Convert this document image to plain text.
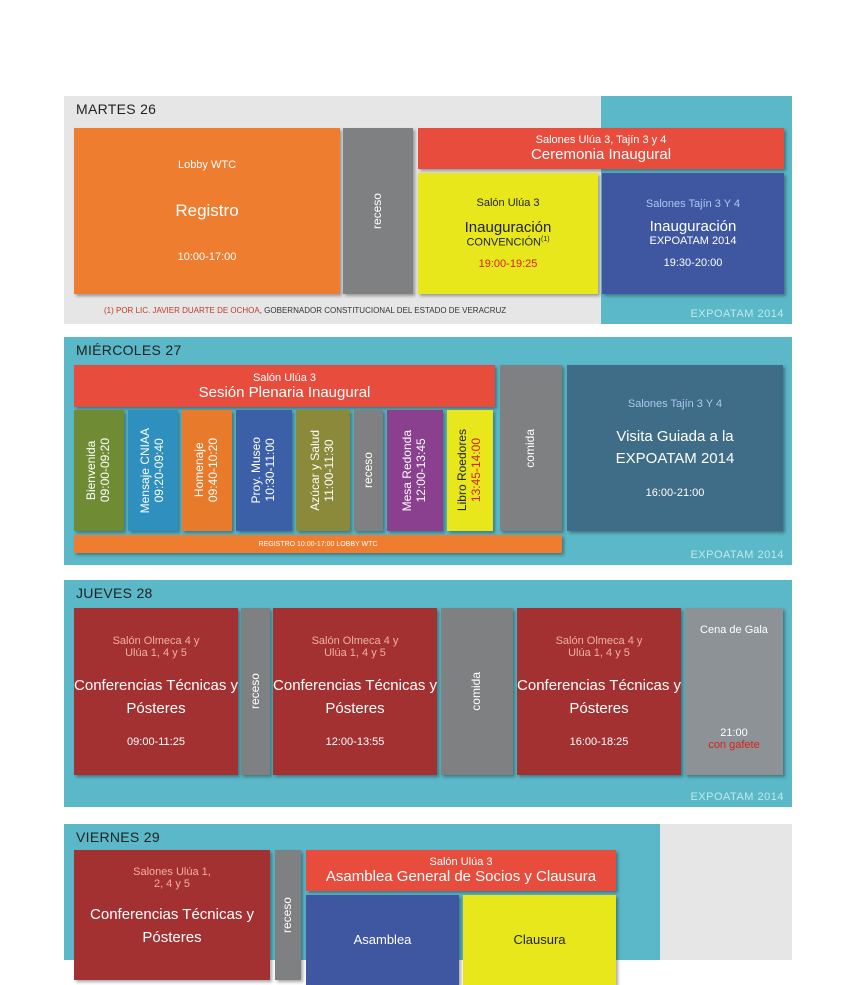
MARTES 26
Lobby WTC
Registro
10:00-17:00
receso
Salones Ulúa 3, Tajín 3 y 4
Ceremonia Inaugural
Salón Ulúa 3
Inauguración
CONVENCIÓN$^{(1)}$
19:00-19:25
Salones Tajín 3 Y 4
Inauguración
EXPOATAM 2014
19:30-20:00
(1) POR LIC. JAVIER DUARTE DE OCHOA, GOBERNADOR CONSTITUCIONAL DEL ESTADO DE VERACRUZ	EXPOATAM 2014
MIÉRCOLES 27
Salón Ulúa 3
Sesión Plenaria Inaugural
Bienvenida 09:00-09:20 Mensaje CNIAA 09:20-09:40 Homenaje 09:40-10:20 Proy. Museo 10:30-11:00	Azúcar y Salud 11:00-11:30 receso Mesa Redonda 12:00-13:45 Libro Roedores 13:45-14:00	comida
Salones Tajín 3 Y 4
Visita Guiada a la EXPOATAM 2014
16:00-21:00
REGISTRO 10:00-17:00 LOBBY WTC
EXPOATAM 2014
JUEVES 28
Salón Olmeca 4 y Ulúa 1, 4 y 5
Conferencias Técnicas y Pósteres
09:00-11:25
receso
Salón Olmeca 4 y Ulúa 1, 4 y 5
Conferencias Técnicas y Pósteres
12:00-13:55
comida
Salón Olmeca 4 y Ulúa 1, 4 y 5
Conferencias Técnicas y Pósteres
16:00-18:25
Cena de Gala
21:00
con gafete
EXPOATAM 2014
VIERNES 29
Salones Ulúa 1, 2, 4 y 5
Conferencias Técnicas y Pósteres
receso
Salón Ulúa 3
Asamblea General de Socios y Clausura
Asamblea	Clausura
